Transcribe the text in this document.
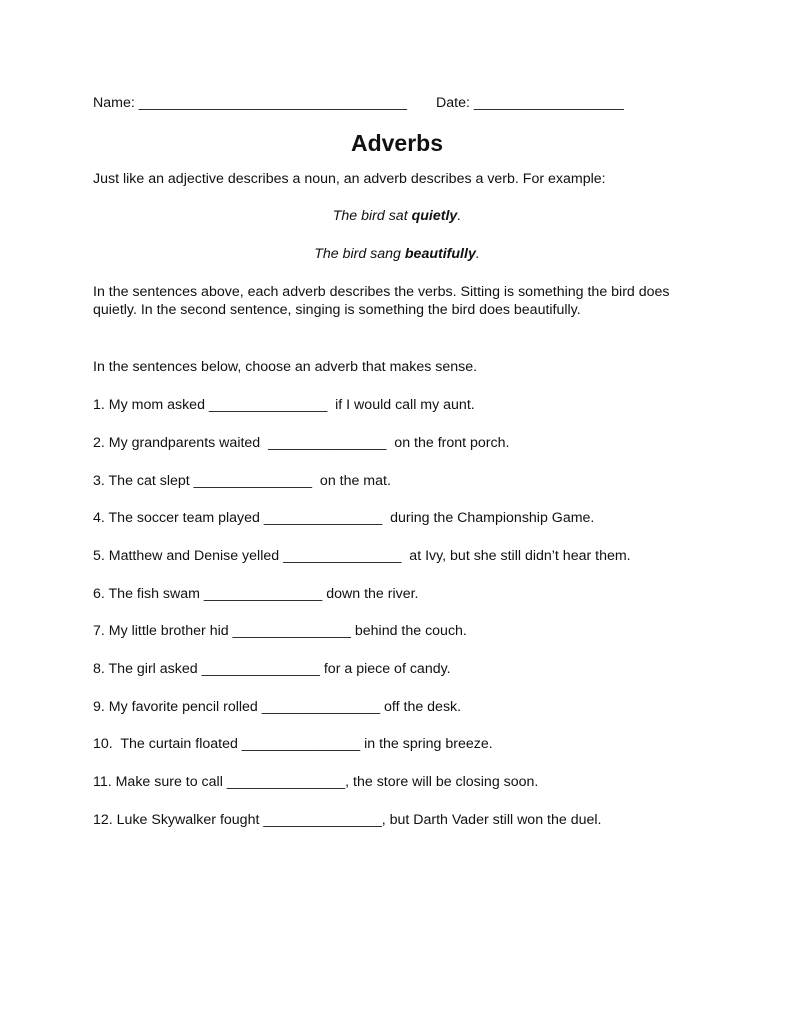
Name: __________________________________ Date: ___________________
Adverbs
Just like an adjective describes a noun, an adverb describes a verb. For example:
The bird sat quietly.
The bird sang beautifully.
In the sentences above, each adverb describes the verbs. Sitting is something the bird does
quietly. In the second sentence, singing is something the bird does beautifully.
In the sentences below, choose an adverb that makes sense.
1. My mom asked _______________  if I would call my aunt.
2. My grandparents waited  _______________  on the front porch.
3. The cat slept _______________  on the mat.
4. The soccer team played _______________  during the Championship Game.
5. Matthew and Denise yelled _______________  at Ivy, but she still didn’t hear them.
6. The fish swam _______________ down the river.
7. My little brother hid _______________ behind the couch.
8. The girl asked _______________ for a piece of candy.
9. My favorite pencil rolled _______________ off the desk.
10.  The curtain floated _______________ in the spring breeze.
11. Make sure to call _______________, the store will be closing soon.
12. Luke Skywalker fought _______________, but Darth Vader still won the duel.
